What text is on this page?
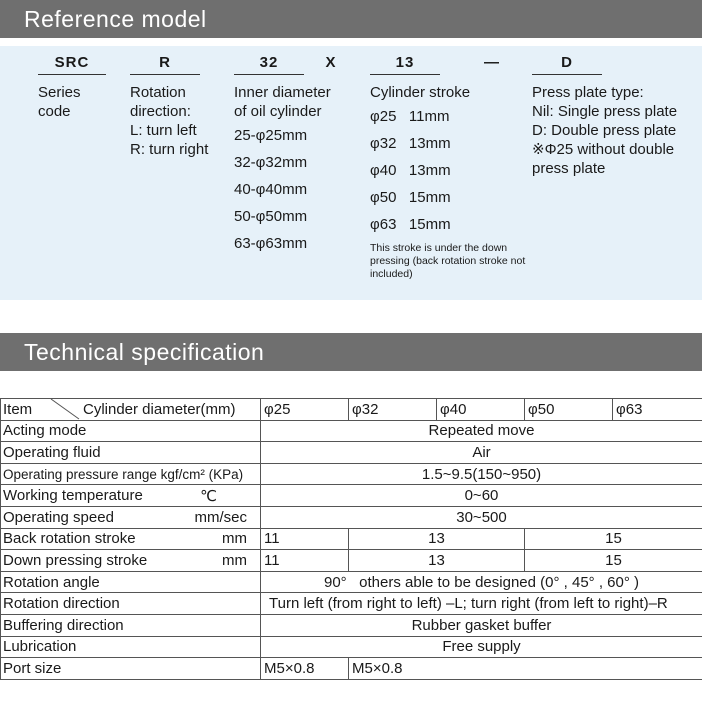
Reference model
SRC
Series
code
R
Rotation
direction:
L: turn left
R: turn right
32
Inner diameter
of oil cylinder
25-φ25mm
32-φ32mm
40-φ40mm
50-φ50mm
63-φ63mm
X	13
Cylinder stroke
φ25   11mm
φ32   13mm
φ40   13mm
φ50   15mm
φ63   15mm
This stroke is under the down pressing (back rotation stroke not included)
—	D
Press plate type:
Nil: Single press plate
D: Double press plate
※Φ25 without double
press plate
Technical specification
Item Cylinder diameter(mm)	φ25	φ32	φ40	φ50	φ63
Acting mode	Repeated move				
Operating fluid	Air				
Operating pressure range kgf/cm² (KPa)	1.5~9.5(150~950)				

Working temperature ℃	0~60				

Operating speed mm/sec	30~500				

Back rotation stroke mm	11	13		15	

Down pressing stroke mm	11	13		15	
Rotation angle	90°   others able to be designed (0° , 45° , 60° )				
Rotation direction	Turn left (from right to left) –L; turn right (from left to right)–R				
Buffering direction	Rubber gasket buffer				
Lubrication	Free supply				
Port size	M5×0.8	M5×0.8			
